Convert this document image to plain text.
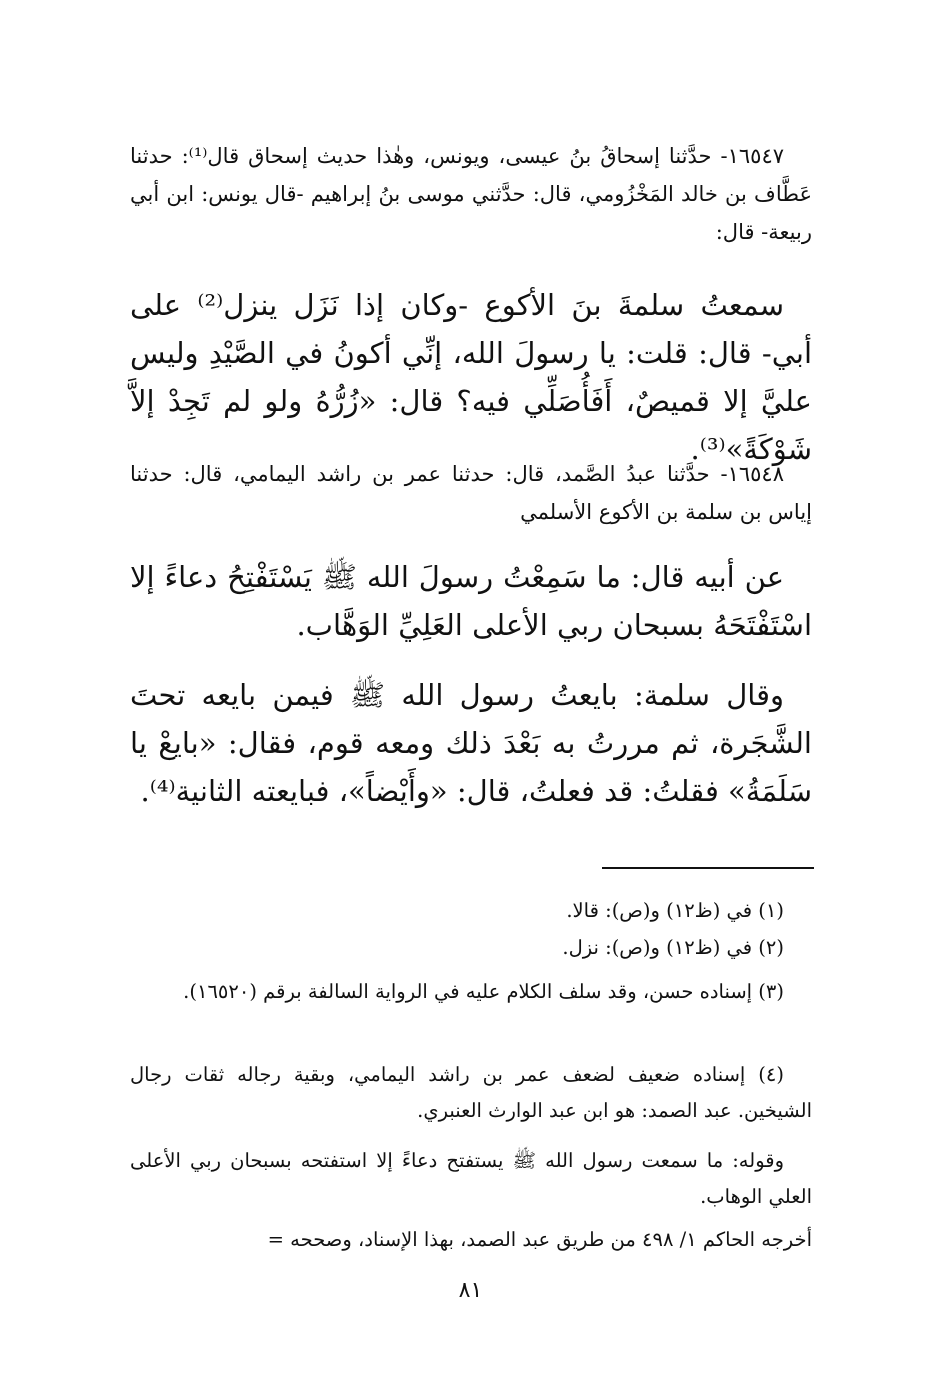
١٦٥٤٧- حدَّثنا إسحاقُ بنُ عيسى، ويونس، وهٰذا حديث إسحاق قال⁽¹⁾: حدثنا عَطَّاف بن خالد المَخْزُومي، قال: حدَّثني موسى بنُ إبراهيم -قال يونس: ابن أبي ربيعة- قال:

سمعتُ سلمةَ بنَ الأكوع -وكان إذا نَزَل ينزل⁽²⁾ على أبي- قال: قلت: يا رسولَ الله، إنِّي أكونُ في الصَّيْدِ وليس عليَّ إلا قميصٌ، أَفَأُصَلِّي فيه؟ قال: «زُرُّهُ ولو لم تَجِدْ إلاَّ شَوْكَةً»⁽³⁾.

١٦٥٤٨- حدَّثنا عبدُ الصَّمد، قال: حدثنا عمر بن راشد اليمامي، قال: حدثنا إياس بن سلمة بن الأكوع الأسلمي

عن أبيه قال: ما سَمِعْتُ رسولَ الله ﷺ يَسْتَفْتِحُ دعاءً إلا اسْتَفْتَحَهُ بسبحان ربي الأعلى العَلِيِّ الوَهَّاب.

وقال سلمة: بايعتُ رسول الله ﷺ فيمن بايعه تحتَ الشَّجَرة، ثم مررتُ به بَعْدَ ذلك ومعه قوم، فقال: «بايعْ يا سَلَمَةُ» فقلتُ: قد فعلتُ، قال: «وأَيْضاً»، فبايعته الثانية⁽⁴⁾.

(١) في (ظ١٢) و(ص): قالا.

(٢) في (ظ١٢) و(ص): نزل.

(٣) إسناده حسن، وقد سلف الكلام عليه في الرواية السالفة برقم (١٦٥٢٠).

(٤) إسناده ضعيف لضعف عمر بن راشد اليمامي، وبقية رجاله ثقات رجال الشيخين. عبد الصمد: هو ابن عبد الوارث العنبري.

وقوله: ما سمعت رسول الله ﷺ يستفتح دعاءً إلا استفتحه بسبحان ربي الأعلى العلي الوهاب.

أخرجه الحاكم ١/ ٤٩٨ من طريق عبد الصمد، بهذا الإسناد، وصححه =

٨١
